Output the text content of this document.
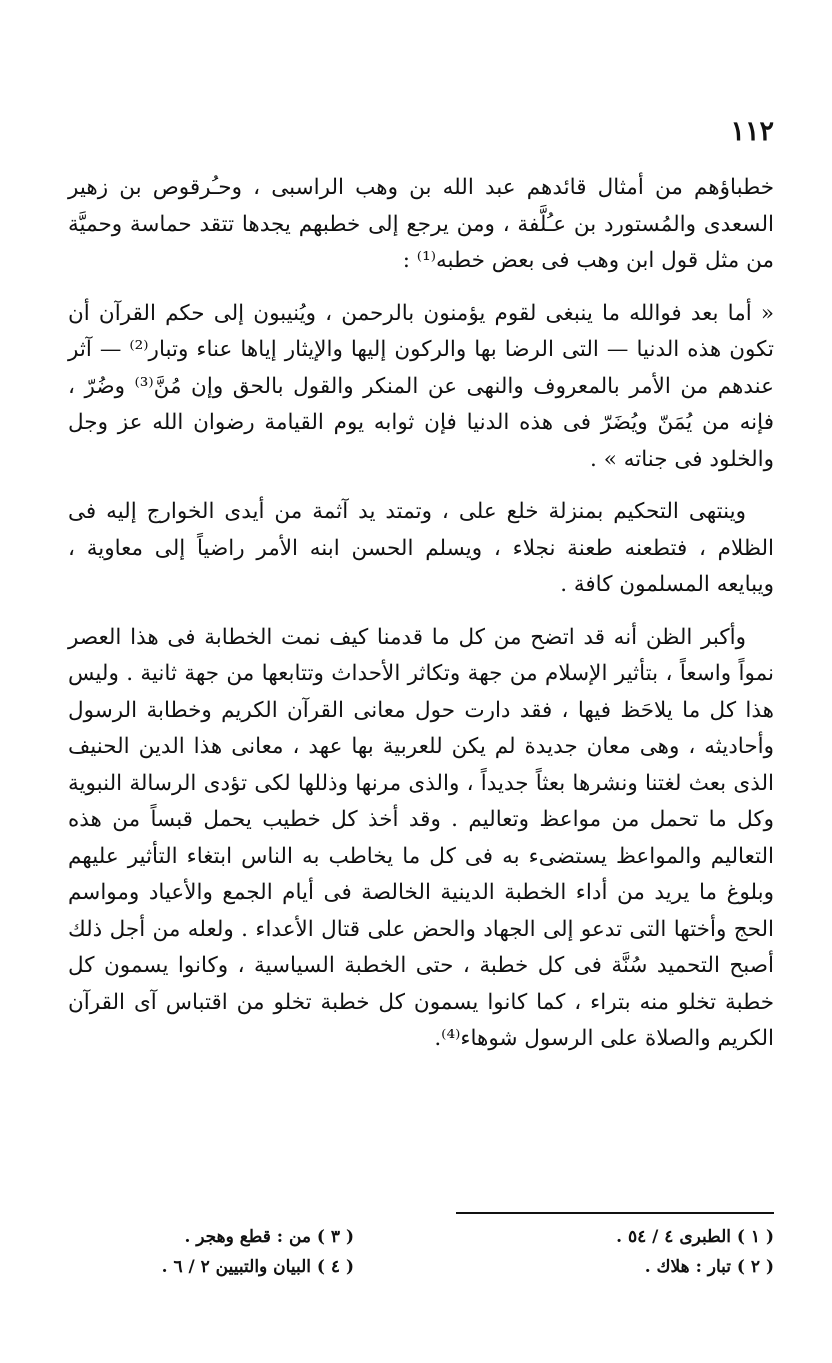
١١٢

خطباؤهم من أمثال قائدهم عبد الله بن وهب الراسبى ، وحـُرقوص بن زهير السعدى والمُستورد بن عـُلَّفة ، ومن يرجع إلى خطبهم يجدها تتقد حماسة وحميَّة من مثل قول ابن وهب فى بعض خطبه⁽¹⁾ :

« أما بعد فوالله ما ينبغى لقوم يؤمنون بالرحمن ، ويُنيبون إلى حكم القرآن أن تكون هذه الدنيا — التى الرضا بها والركون إليها والإيثار إياها عناء وتبار⁽²⁾ — آثر عندهم من الأمر بالمعروف والنهى عن المنكر والقول بالحق وإن مُنَّ⁽³⁾ وضُرّ ، فإنه من يُمَنّ ويُضَرّ فى هذه الدنيا فإن ثوابه يوم القيامة رضوان الله عز وجل والخلود فى جناته » .

وينتهى التحكيم بمنزلة خلع على ، وتمتد يد آثمة من أيدى الخوارج إليه فى الظلام ، فتطعنه طعنة نجلاء ، ويسلم الحسن ابنه الأمر راضياً إلى معاوية ، ويبايعه المسلمون كافة .

وأكبر الظن أنه قد اتضح من كل ما قدمنا كيف نمت الخطابة فى هذا العصر نمواً واسعاً ، بتأثير الإسلام من جهة وتكاثر الأحداث وتتابعها من جهة ثانية . وليس هذا كل ما يلاحَظ فيها ، فقد دارت حول معانى القرآن الكريم وخطابة الرسول وأحاديثه ، وهى معان جديدة لم يكن للعربية بها عهد ، معانى هذا الدين الحنيف الذى بعث لغتنا ونشرها بعثاً جديداً ، والذى مرنها وذللها لكى تؤدى الرسالة النبوية وكل ما تحمل من مواعظ وتعاليم . وقد أخذ كل خطيب يحمل قبساً من هذه التعاليم والمواعظ يستضىء به فى كل ما يخاطب به الناس ابتغاء التأثير عليهم وبلوغ ما يريد من أداء الخطبة الدينية الخالصة فى أيام الجمع والأعياد ومواسم الحج وأختها التى تدعو إلى الجهاد والحض على قتال الأعداء . ولعله من أجل ذلك أصبح التحميد سُنَّة فى كل خطبة ، حتى الخطبة السياسية ، وكانوا يسمون كل خطبة تخلو منه بتراء ، كما كانوا يسمون كل خطبة تخلو من اقتباس آى القرآن الكريم والصلاة على الرسول شوهاء⁽⁴⁾.

( ١ ) الطبرى ٤ / ٥٤ .
( ٢ ) تبار : هلاك .
( ٣ ) من : قطع وهجر .
( ٤ ) البيان والتبيين ٢ / ٦ .
